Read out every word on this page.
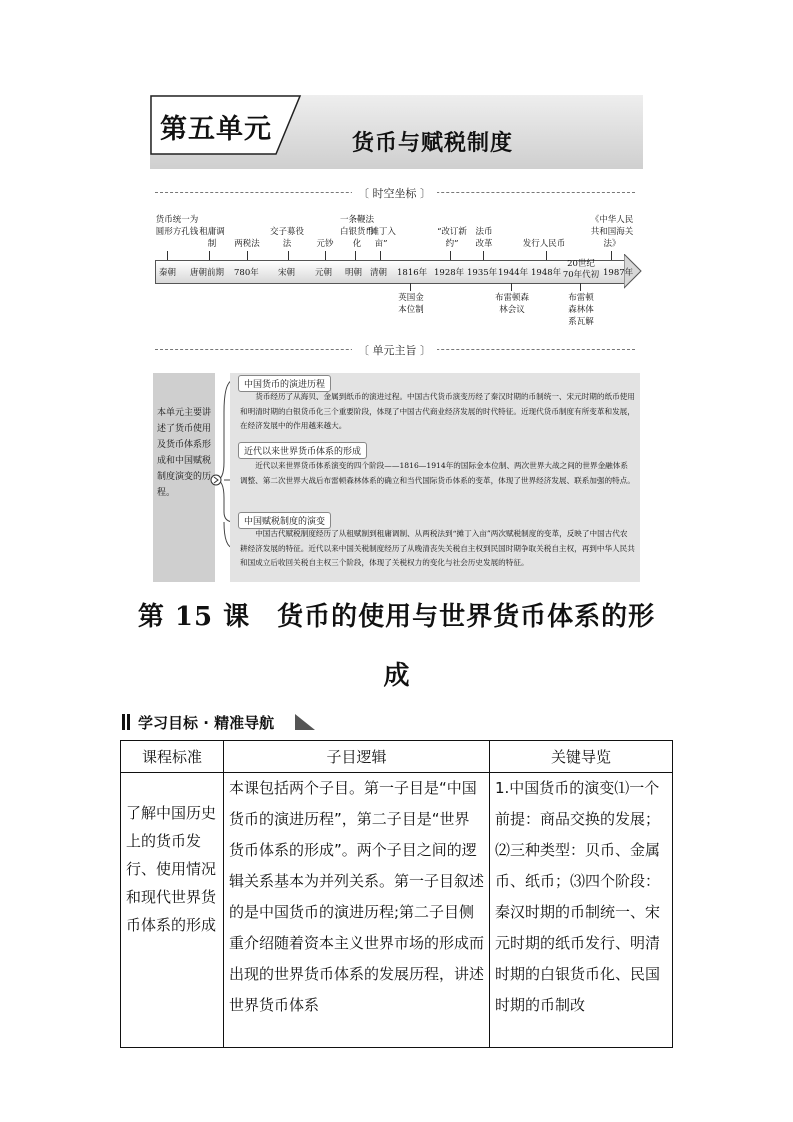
第五单元	货币与赋税制度
〔 时空坐标 〕
货币统一为圆形方孔钱 租庸调制	两税法
交子募役法	元钞
一条鞭法白银货币化
“摊丁入亩”
“改订新约”
法币改革	发行人民币
《中华人民共和国海关法》
秦朝 唐朝前期 780年 宋朝 元朝 明朝 清朝 1816年 1928年 1935年 1944年 1948年
20世纪70年代初 1987年
英国金本位制
布雷顿森林会议
布雷顿森林体系瓦解
〔 单元主旨 〕
本单元主要讲述了货币使用及货币体系形成和中国赋税制度演变的历程。
中国货币的演进历程
货币经历了从海贝、金属到纸币的演进过程。中国古代货币演变历经了秦汉时期的币制统一、宋元时期的纸币使用和明清时期的白银货币化三个重要阶段，体现了中国古代商业经济发展的时代特征。近现代货币制度有所变革和发展，在经济发展中的作用越来越大。
近代以来世界货币体系的形成
近代以来世界货币体系演变的四个阶段——1816—1914年的国际金本位制、两次世界大战之间的世界金融体系调整、第二次世界大战后布雷顿森林体系的确立和当代国际货币体系的变革，体现了世界经济发展、联系加强的特点。
中国赋税制度的演变
中国古代赋税制度经历了从租赋制到租庸调制、从两税法到“摊丁入亩”两次赋税制度的变革，反映了中国古代农耕经济发展的特征。近代以来中国关税制度经历了从晚清丧失关税自主权到民国时期争取关税自主权，再到中华人民共和国成立后收回关税自主权三个阶段，体现了关税权力的变化与社会历史发展的特征。
第 15 课　货币的使用与世界货币体系的形
成
学习目标 · 精准导航
课程标准	子目逻辑	关键导览
了解中国历史上的货币发行、使用情况和现代世界货币体系的形成	本课包括两个子目。第一子目是“中国货币的演进历程”，第二子目是“世界货币体系的形成”。两个子目之间的逻辑关系基本为并列关系。第一子目叙述的是中国货币的演进历程;第二子目侧重介绍随着资本主义世界市场的形成而出现的世界货币体系的发展历程，讲述世界货币体系	1.中国货币的演变⑴一个前提：商品交换的发展；⑵三种类型：贝币、金属币、纸币；⑶四个阶段：秦汉时期的币制统一、宋元时期的纸币发行、明清时期的白银货币化、民国时期的币制改
